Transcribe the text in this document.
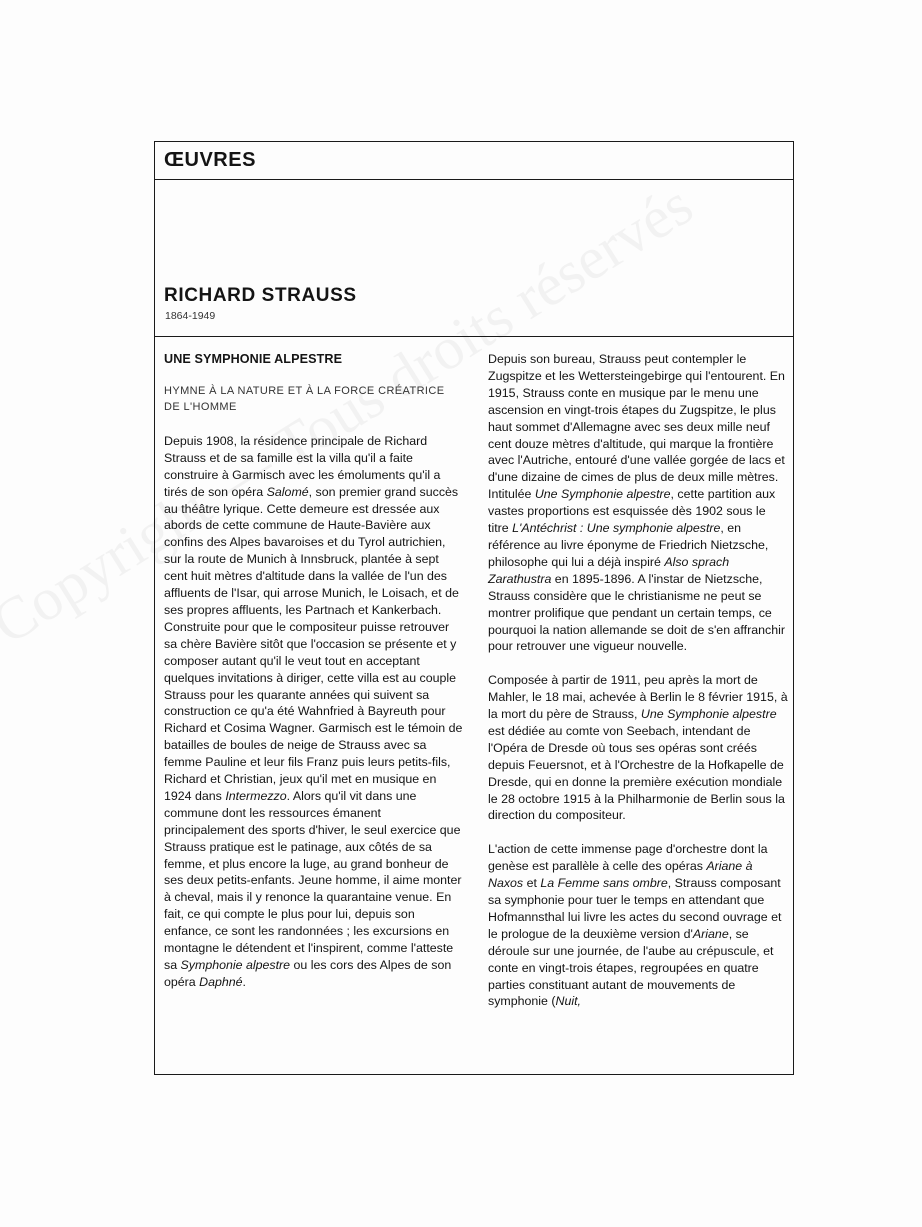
ŒUVRES
RICHARD STRAUSS
1864-1949
UNE SYMPHONIE ALPESTRE
HYMNE À LA NATURE ET À LA FORCE CRÉATRICE DE L'HOMME

Depuis 1908, la résidence principale de Richard Strauss et de sa famille est la villa qu'il a faite construire à Garmisch avec les émoluments qu'il a tirés de son opéra Salomé, son premier grand succès au théâtre lyrique. Cette demeure est dressée aux abords de cette commune de Haute-Bavière aux confins des Alpes bavaroises et du Tyrol autrichien, sur la route de Munich à Innsbruck, plantée à sept cent huit mètres d'altitude dans la vallée de l'un des affluents de l'Isar, qui arrose Munich, le Loisach, et de ses propres affluents, les Partnach et Kankerbach. Construite pour que le compositeur puisse retrouver sa chère Bavière sitôt que l'occasion se présente et y composer autant qu'il le veut tout en acceptant quelques invitations à diriger, cette villa est au couple Strauss pour les quarante années qui suivent sa construction ce qu'a été Wahnfried à Bayreuth pour Richard et Cosima Wagner. Garmisch est le témoin de batailles de boules de neige de Strauss avec sa femme Pauline et leur fils Franz puis leurs petits-fils, Richard et Christian, jeux qu'il met en musique en 1924 dans Intermezzo. Alors qu'il vit dans une commune dont les ressources émanent principalement des sports d'hiver, le seul exercice que Strauss pratique est le patinage, aux côtés de sa femme, et plus encore la luge, au grand bonheur de ses deux petits-enfants. Jeune homme, il aime monter à cheval, mais il y renonce la quarantaine venue. En fait, ce qui compte le plus pour lui, depuis son enfance, ce sont les randonnées ; les excursions en montagne le détendent et l'inspirent, comme l'atteste sa Symphonie alpestre ou les cors des Alpes de son opéra Daphné.

Depuis son bureau, Strauss peut contempler le Zugspitze et les Wettersteingebirge qui l'entourent. En 1915, Strauss conte en musique par le menu une ascension en vingt-trois étapes du Zugspitze, le plus haut sommet d'Allemagne avec ses deux mille neuf cent douze mètres d'altitude, qui marque la frontière avec l'Autriche, entouré d'une vallée gorgée de lacs et d'une dizaine de cimes de plus de deux mille mètres. Intitulée Une Symphonie alpestre, cette partition aux vastes proportions est esquissée dès 1902 sous le titre L'Antéchrist : Une symphonie alpestre, en référence au livre éponyme de Friedrich Nietzsche, philosophe qui lui a déjà inspiré Also sprach Zarathustra en 1895-1896. A l'instar de Nietzsche, Strauss considère que le christianisme ne peut se montrer prolifique que pendant un certain temps, ce pourquoi la nation allemande se doit de s'en affranchir pour retrouver une vigueur nouvelle.

Composée à partir de 1911, peu après la mort de Mahler, le 18 mai, achevée à Berlin le 8 février 1915, à la mort du père de Strauss, Une Symphonie alpestre est dédiée au comte von Seebach, intendant de l'Opéra de Dresde où tous ses opéras sont créés depuis Feuersnot, et à l'Orchestre de la Hofkapelle de Dresde, qui en donne la première exécution mondiale le 28 octobre 1915 à la Philharmonie de Berlin sous la direction du compositeur.

L'action de cette immense page d'orchestre dont la genèse est parallèle à celle des opéras Ariane à Naxos et La Femme sans ombre, Strauss composant sa symphonie pour tuer le temps en attendant que Hofmannsthal lui livre les actes du second ouvrage et le prologue de la deuxième version d'Ariane, se déroule sur une journée, de l'aube au crépuscule, et conte en vingt-trois étapes, regroupées en quatre parties constituant autant de mouvements de symphonie (Nuit,
